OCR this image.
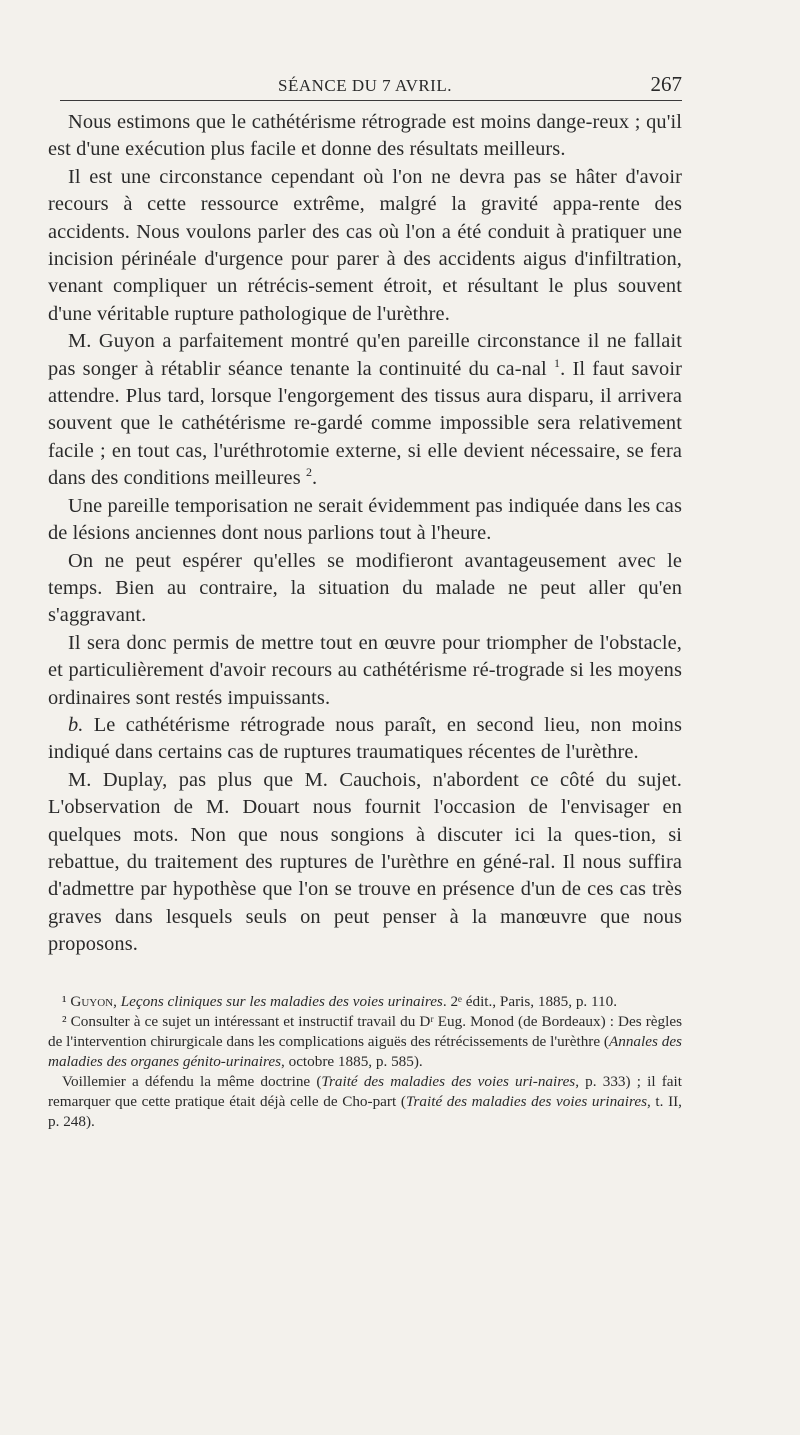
SÉANCE DU 7 AVRIL.	267

Nous estimons que le cathétérisme rétrograde est moins dange-reux ; qu'il est d'une exécution plus facile et donne des résultats meilleurs.

Il est une circonstance cependant où l'on ne devra pas se hâter d'avoir recours à cette ressource extrême, malgré la gravité appa-rente des accidents. Nous voulons parler des cas où l'on a été conduit à pratiquer une incision périnéale d'urgence pour parer à des accidents aigus d'infiltration, venant compliquer un rétrécis-sement étroit, et résultant le plus souvent d'une véritable rupture pathologique de l'urèthre.

M. Guyon a parfaitement montré qu'en pareille circonstance il ne fallait pas songer à rétablir séance tenante la continuité du ca-nal $^1$. Il faut savoir attendre. Plus tard, lorsque l'engorgement des tissus aura disparu, il arrivera souvent que le cathétérisme re-gardé comme impossible sera relativement facile ; en tout cas, l'uréthrotomie externe, si elle devient nécessaire, se fera dans des conditions meilleures $^2$.

Une pareille temporisation ne serait évidemment pas indiquée dans les cas de lésions anciennes dont nous parlions tout à l'heure.

On ne peut espérer qu'elles se modifieront avantageusement avec le temps. Bien au contraire, la situation du malade ne peut aller qu'en s'aggravant.

Il sera donc permis de mettre tout en œuvre pour triompher de l'obstacle, et particulièrement d'avoir recours au cathétérisme ré-trograde si les moyens ordinaires sont restés impuissants.

b. Le cathétérisme rétrograde nous paraît, en second lieu, non moins indiqué dans certains cas de ruptures traumatiques récentes de l'urèthre.

M. Duplay, pas plus que M. Cauchois, n'abordent ce côté du sujet. L'observation de M. Douart nous fournit l'occasion de l'envisager en quelques mots. Non que nous songions à discuter ici la ques-tion, si rebattue, du traitement des ruptures de l'urèthre en géné-ral. Il nous suffira d'admettre par hypothèse que l'on se trouve en présence d'un de ces cas très graves dans lesquels seuls on peut penser à la manœuvre que nous proposons.

¹ Guyon, Leçons cliniques sur les maladies des voies urinaires. 2ᵉ édit., Paris, 1885, p. 110.

² Consulter à ce sujet un intéressant et instructif travail du Dʳ Eug. Monod (de Bordeaux) : Des règles de l'intervention chirurgicale dans les complications aiguës des rétrécissements de l'urèthre (Annales des maladies des organes génito-urinaires, octobre 1885, p. 585).

Voillemier a défendu la même doctrine (Traité des maladies des voies uri-naires, p. 333) ; il fait remarquer que cette pratique était déjà celle de Cho-part (Traité des maladies des voies urinaires, t. II, p. 248).
